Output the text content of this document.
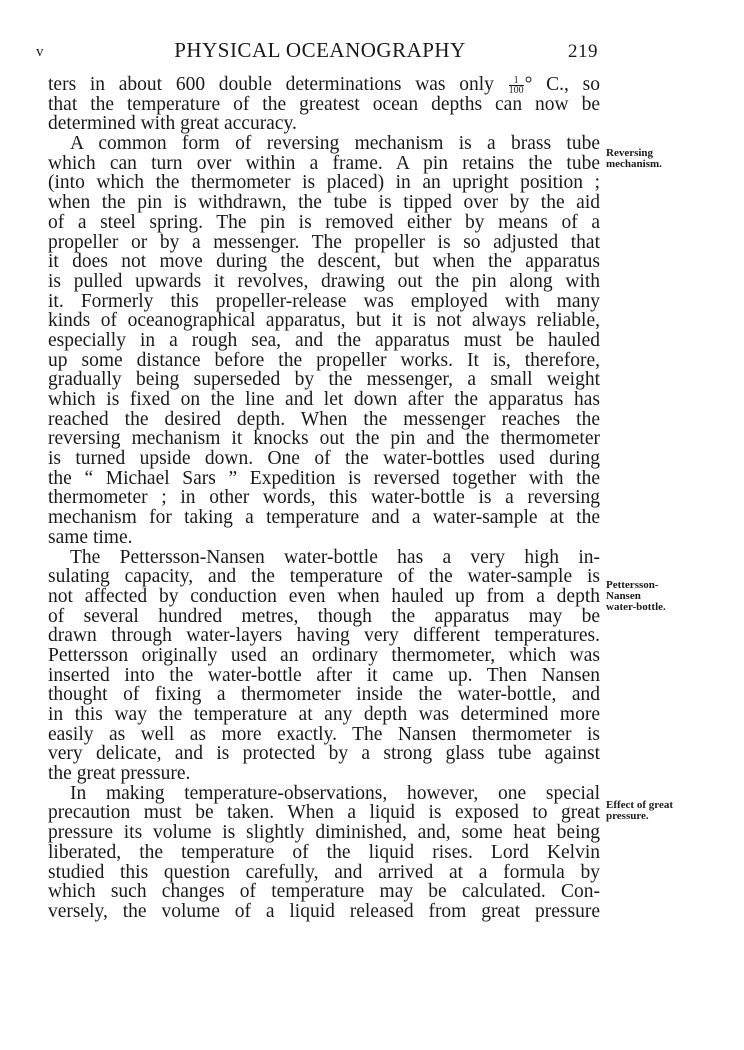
v	PHYSICAL OCEANOGRAPHY	219
ters in about 600 double determinations was only $\frac{1}{100}$ ° C., so
that the temperature of the greatest ocean depths can now be
determined with great accuracy.
A common form of reversing mechanism is a brass tube
which can turn over within a frame. A pin retains the tube
(into which the thermometer is placed) in an upright position ;
when the pin is withdrawn, the tube is tipped over by the aid
of a steel spring. The pin is removed either by means of a
propeller or by a messenger. The propeller is so adjusted that
it does not move during the descent, but when the apparatus
is pulled upwards it revolves, drawing out the pin along with
it. Formerly this propeller-release was employed with many
kinds of oceanographical apparatus, but it is not always reliable,
especially in a rough sea, and the apparatus must be hauled
up some distance before the propeller works. It is, therefore,
gradually being superseded by the messenger, a small weight
which is fixed on the line and let down after the apparatus has
reached the desired depth. When the messenger reaches the
reversing mechanism it knocks out the pin and the thermometer
is turned upside down. One of the water-bottles used during
the “ Michael Sars ” Expedition is reversed together with the
thermometer ; in other words, this water-bottle is a reversing
mechanism for taking a temperature and a water-sample at the
same time.
The Pettersson-Nansen water-bottle has a very high in-
sulating capacity, and the temperature of the water-sample is
not affected by conduction even when hauled up from a depth
of several hundred metres, though the apparatus may be
drawn through water-layers having very different temperatures.
Pettersson originally used an ordinary thermometer, which was
inserted into the water-bottle after it came up. Then Nansen
thought of fixing a thermometer inside the water-bottle, and
in this way the temperature at any depth was determined more
easily as well as more exactly. The Nansen thermometer is
very delicate, and is protected by a strong glass tube against
the great pressure.
In making temperature-observations, however, one special
precaution must be taken. When a liquid is exposed to great
pressure its volume is slightly diminished, and, some heat being
liberated, the temperature of the liquid rises. Lord Kelvin
studied this question carefully, and arrived at a formula by
which such changes of temperature may be calculated. Con-
versely, the volume of a liquid released from great pressure
Reversing
mechanism.
Pettersson-
Nansen
water-bottle.
Effect of great
pressure.
